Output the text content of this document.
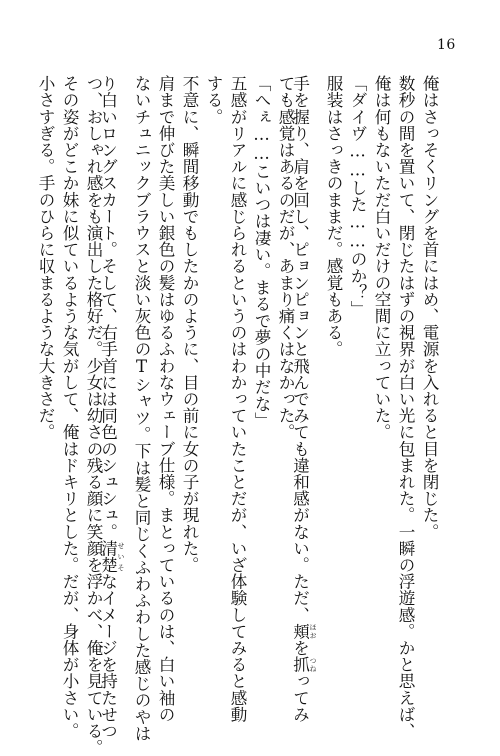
16
俺はさっそくリングを首にはめ、電源を入れると目を閉じた。
数秒の間を置いて、閉じたはずの視界が白い光に包まれた。一瞬の浮遊感。かと思えば、
俺は何もないただ白いだけの空間に立っていた。
「ダイヴ……した……のか？」
服装はさっきのままだ。感覚もある。
手を握り、肩を回し、ピョンピョンと飛んでみても違和感がない。ただ、頬 ほおを抓 つねってみ
ても感覚はあるのだが、あまり痛くはなかった。
「へぇ……こいつは凄い。まるで夢の中だな」
五感がリアルに感じられるというのはわかっていたことだが、いざ体験してみると感動
する。
不意に、瞬間移動でもしたかのように、目の前に女の子が現れた。
肩まで伸びた美しい銀色の髪はゆるふわなウェーブ仕様。まとっているのは、白い袖の
ないチュニックブラウスと淡い灰色のTシャツ。下は髪と同じくふわふわした感じのやは
り白いロングスカート。そして、右手首には同色のシュシュ。清楚 せいそなイメージを持たせつ
つ、おしゃれ感をも演出した格好だ。少女は幼さの残る顔に笑顔を浮かべ、俺を見ている。
その姿がどこか妹に似ているような気がして、俺はドキリとした。だが、身体が小さい。
小さすぎる。手のひらに収まるような大きさだ。
